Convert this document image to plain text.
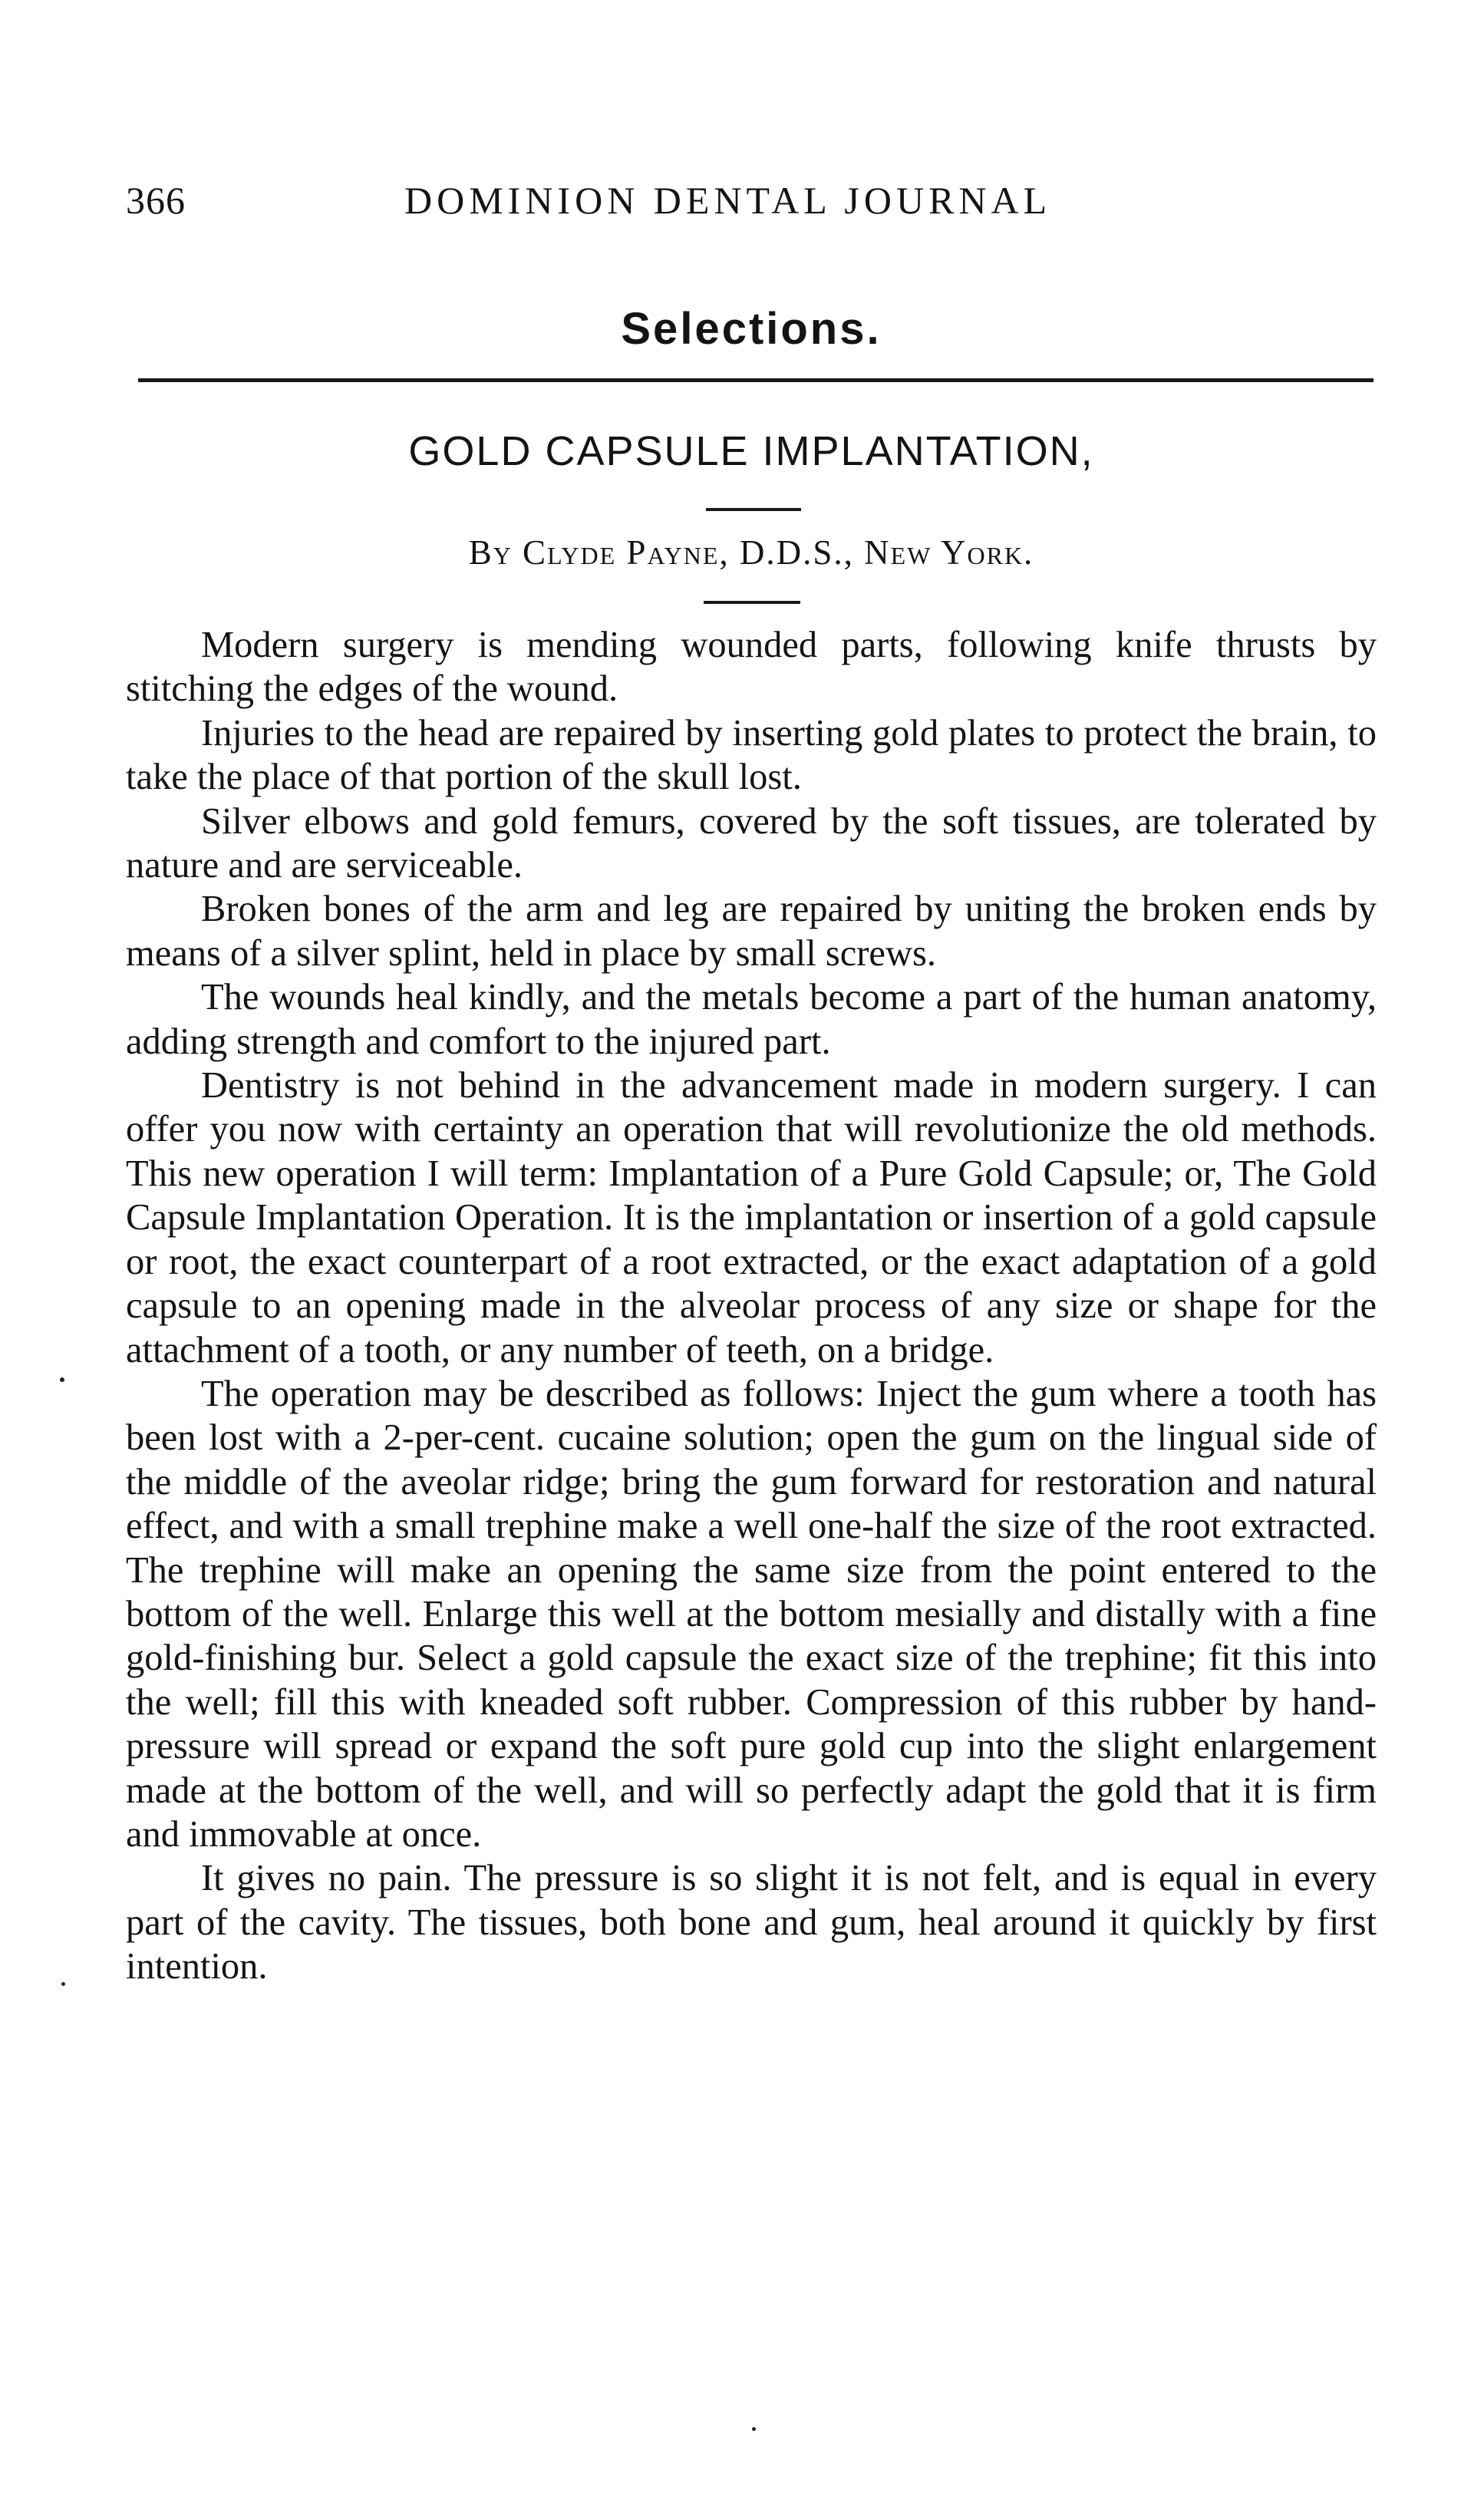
366	DOMINION DENTAL JOURNAL
Selections.
GOLD CAPSULE IMPLANTATION,
By Clyde Payne, D.D.S., New York.

Modern surgery is mending wounded parts, following knife thrusts by stitching the edges of the wound.

Injuries to the head are repaired by inserting gold plates to protect the brain, to take the place of that portion of the skull lost.

Silver elbows and gold femurs, covered by the soft tissues, are tolerated by nature and are serviceable.

Broken bones of the arm and leg are repaired by uniting the broken ends by means of a silver splint, held in place by small screws.

The wounds heal kindly, and the metals become a part of the human anatomy, adding strength and comfort to the injured part.

Dentistry is not behind in the advancement made in modern surgery. I can offer you now with certainty an operation that will revolutionize the old methods. This new operation I will term: Implantation of a Pure Gold Capsule; or, The Gold Capsule Implantation Operation. It is the implantation or insertion of a gold capsule or root, the exact counterpart of a root extracted, or the exact adaptation of a gold capsule to an opening made in the alveolar process of any size or shape for the attachment of a tooth, or any number of teeth, on a bridge.

The operation may be described as follows: Inject the gum where a tooth has been lost with a 2-per-cent. cucaine solution; open the gum on the lingual side of the middle of the aveolar ridge; bring the gum forward for restoration and natural effect, and with a small trephine make a well one-half the size of the root extracted. The trephine will make an opening the same size from the point entered to the bottom of the well. Enlarge this well at the bottom mesially and distally with a fine gold-finishing bur. Select a gold capsule the exact size of the trephine; fit this into the well; fill this with kneaded soft rubber. Compression of this rubber by hand-pressure will spread or expand the soft pure gold cup into the slight enlargement made at the bottom of the well, and will so perfectly adapt the gold that it is firm and immovable at once.

It gives no pain. The pressure is so slight it is not felt, and is equal in every part of the cavity. The tissues, both bone and gum, heal around it quickly by first intention.
